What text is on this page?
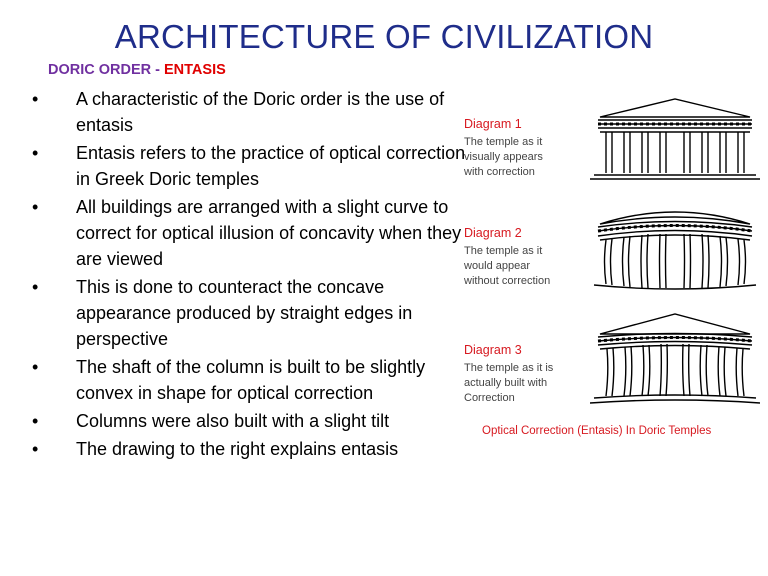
ARCHITECTURE OF CIVILIZATION
DORIC ORDER - ENTASIS
• A characteristic of the Doric order is the use of entasis
• Entasis refers to the practice of optical correction in Greek Doric temples
• All buildings are arranged with a slight curve to correct for optical illusion of concavity when they are viewed
• This is done to counteract the concave appearance produced by straight edges in perspective
• The shaft of the column is built to be slightly convex in shape for optical correction
• Columns were also built with a slight tilt
• The drawing to the right explains entasis
Diagram 1
The temple as it
visually appears
with correction
Diagram 2
The temple as it
would appear
without correction
Diagram 3
The temple as it is
actually built with
Correction
Optical Correction (Entasis) In Doric Temples
